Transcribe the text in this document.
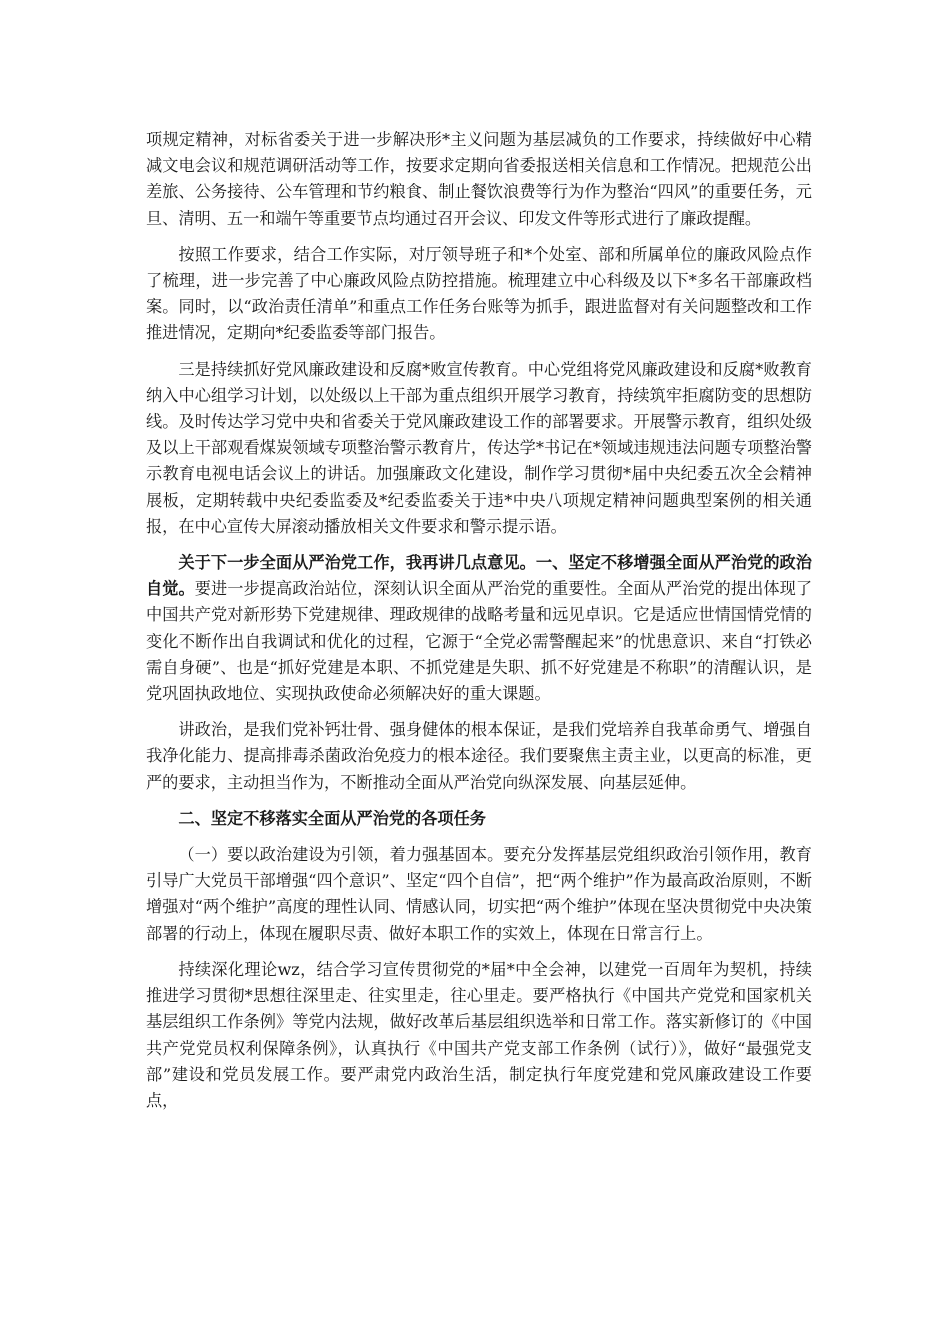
项规定精神，对标省委关于进一步解决形*主义问题为基层减负的工作要求，持续做好中心精减文电会议和规范调研活动等工作，按要求定期向省委报送相关信息和工作情况。把规范公出差旅、公务接待、公车管理和节约粮食、制止餐饮浪费等行为作为整治“四风”的重要任务，元旦、清明、五一和端午等重要节点均通过召开会议、印发文件等形式进行了廉政提醒。

按照工作要求，结合工作实际，对厅领导班子和*个处室、部和所属单位的廉政风险点作了梳理，进一步完善了中心廉政风险点防控措施。梳理建立中心科级及以下*多名干部廉政档案。同时，以“政治责任清单”和重点工作任务台账等为抓手，跟进监督对有关问题整改和工作推进情况，定期向*纪委监委等部门报告。

三是持续抓好党风廉政建设和反腐*败宣传教育。中心党组将党风廉政建设和反腐*败教育纳入中心组学习计划，以处级以上干部为重点组织开展学习教育，持续筑牢拒腐防变的思想防线。及时传达学习党中央和省委关于党风廉政建设工作的部署要求。开展警示教育，组织处级及以上干部观看煤炭领域专项整治警示教育片，传达学*书记在*领域违规违法问题专项整治警示教育电视电话会议上的讲话。加强廉政文化建设，制作学习贯彻*届中央纪委五次全会精神展板，定期转载中央纪委监委及*纪委监委关于违*中央八项规定精神问题典型案例的相关通报，在中心宣传大屏滚动播放相关文件要求和警示提示语。

关于下一步全面从严治党工作，我再讲几点意见。一、坚定不移增强全面从严治党的政治自觉。要进一步提高政治站位，深刻认识全面从严治党的重要性。全面从严治党的提出体现了中国共产党对新形势下党建规律、理政规律的战略考量和远见卓识。它是适应世情国情党情的变化不断作出自我调试和优化的过程，它源于“全党必需警醒起来”的忧患意识、来自“打铁必需自身硬”、也是“抓好党建是本职、不抓党建是失职、抓不好党建是不称职”的清醒认识，是党巩固执政地位、实现执政使命必须解决好的重大课题。

讲政治，是我们党补钙壮骨、强身健体的根本保证，是我们党培养自我革命勇气、增强自我净化能力、提高排毒杀菌政治免疫力的根本途径。我们要聚焦主责主业，以更高的标准，更严的要求，主动担当作为，不断推动全面从严治党向纵深发展、向基层延伸。

二、坚定不移落实全面从严治党的各项任务

（一）要以政治建设为引领，着力强基固本。要充分发挥基层党组织政治引领作用，教育引导广大党员干部增强“四个意识”、坚定“四个自信”，把“两个维护”作为最高政治原则，不断增强对“两个维护”高度的理性认同、情感认同，切实把“两个维护”体现在坚决贯彻党中央决策部署的行动上，体现在履职尽责、做好本职工作的实效上，体现在日常言行上。

持续深化理论wz，结合学习宣传贯彻党的*届*中全会神，以建党一百周年为契机，持续推进学习贯彻*思想往深里走、往实里走，往心里走。要严格执行《中国共产党党和国家机关基层组织工作条例》等党内法规，做好改革后基层组织选举和日常工作。落实新修订的《中国共产党党员权利保障条例》，认真执行《中国共产党支部工作条例（试行）》，做好“最强党支部”建设和党员发展工作。要严肃党内政治生活，制定执行年度党建和党风廉政建设工作要点，
